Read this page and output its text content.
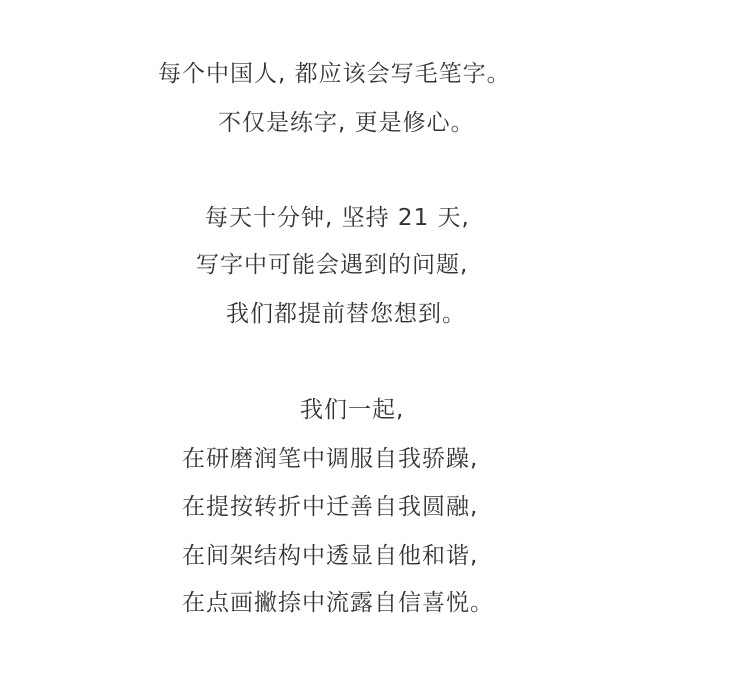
每个中国人, 都应该会写毛笔字。
不仅是练字, 更是修心。
每天十分钟, 坚持 21 天,
写字中可能会遇到的问题,
我们都提前替您想到。
我们一起,
在研磨润笔中调服自我骄躁,
在提按转折中迁善自我圆融,
在间架结构中透显自他和谐,
在点画撇捺中流露自信喜悦。
